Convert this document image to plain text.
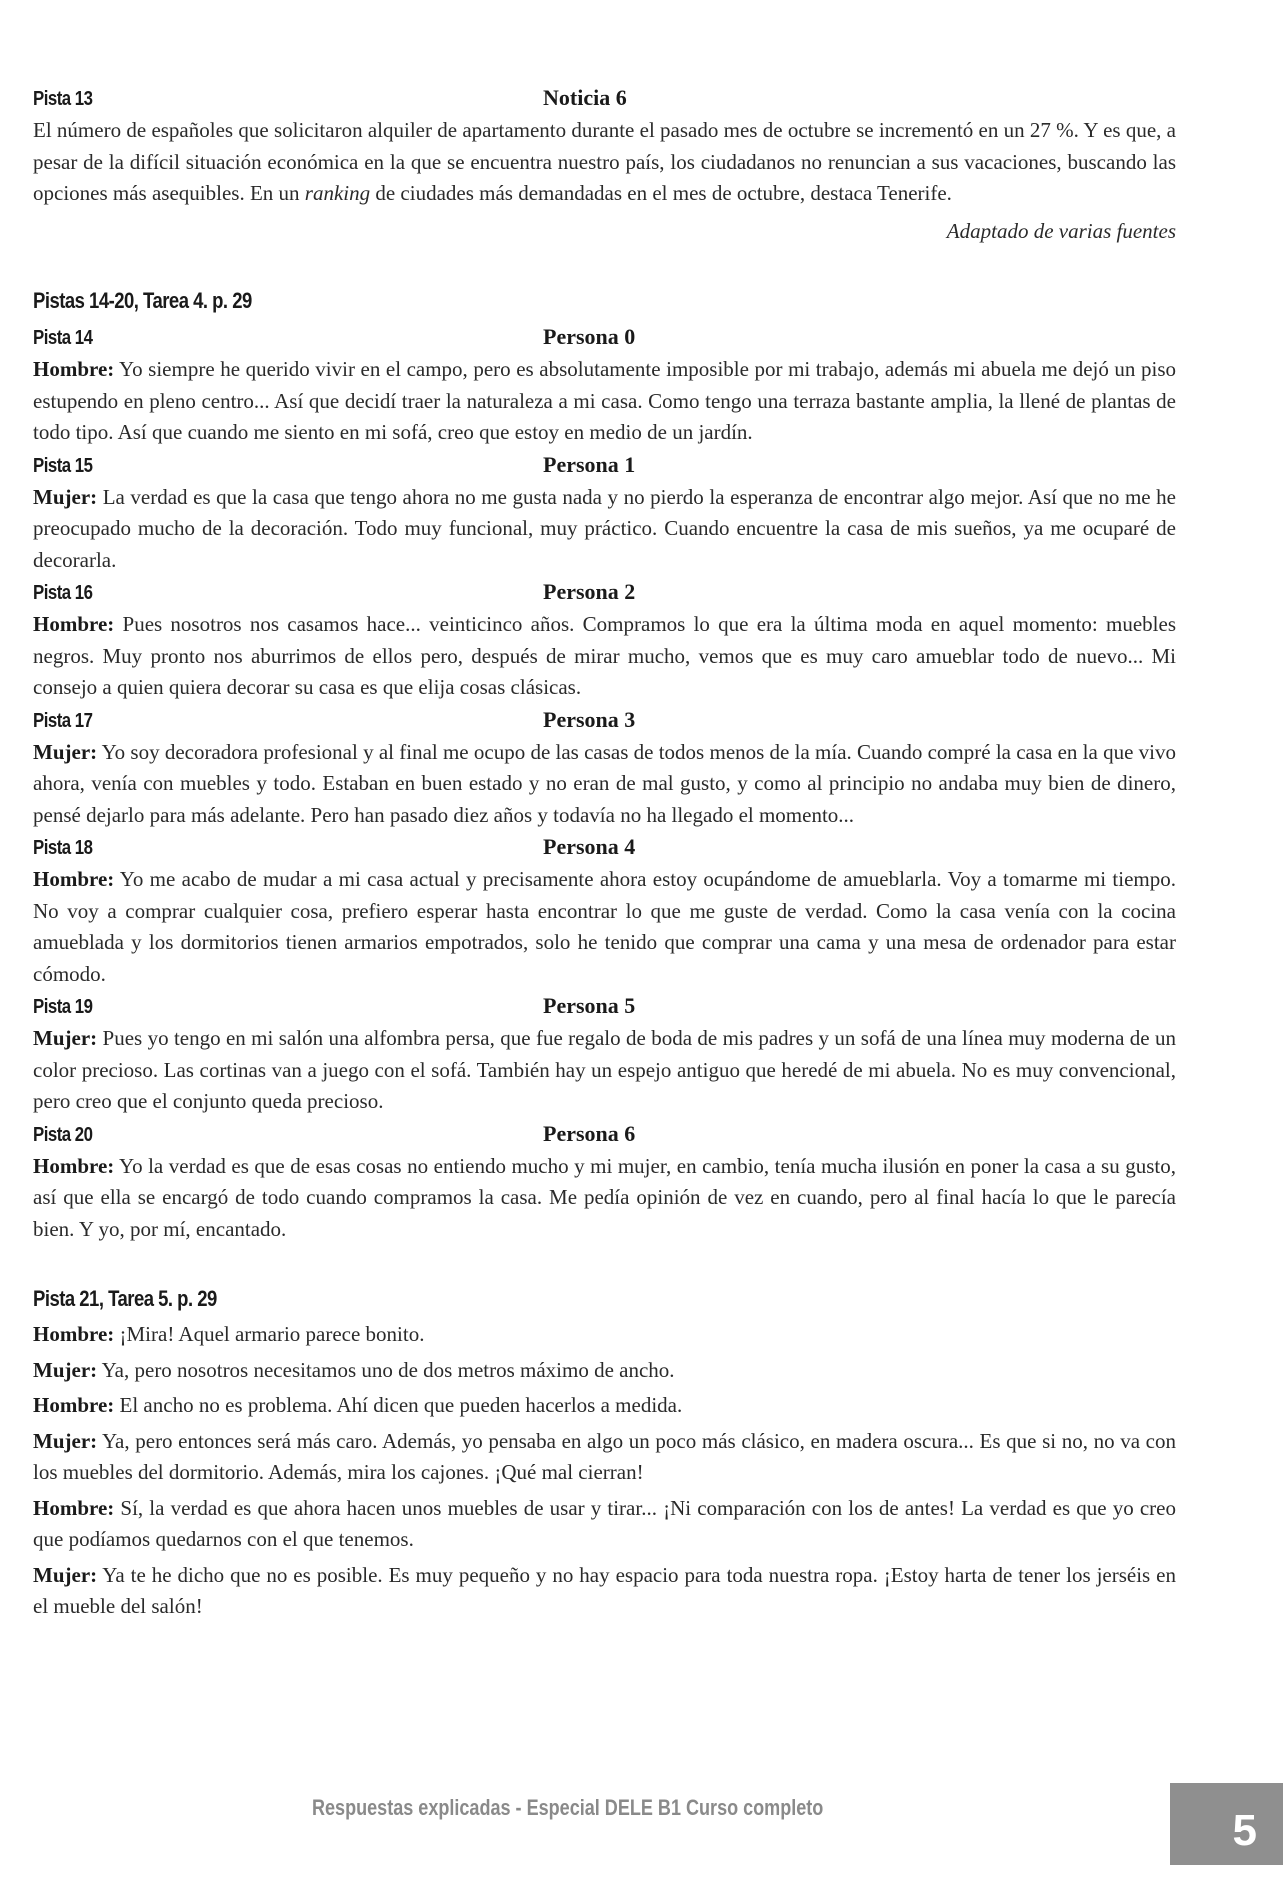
Pista 13	Noticia 6

El número de españoles que solicitaron alquiler de apartamento durante el pasado mes de octubre se incrementó en un 27 %. Y es que, a pesar de la difícil situación económica en la que se encuentra nuestro país, los ciudadanos no renuncian a sus vacaciones, buscando las opciones más asequibles. En un ranking de ciudades más demandadas en el mes de octubre, destaca Tenerife.

Adaptado de varias fuentes
Pistas 14-20, Tarea 4. p. 29
Pista 14	Persona 0

Hombre: Yo siempre he querido vivir en el campo, pero es absolutamente imposible por mi trabajo, además mi abuela me dejó un piso estupendo en pleno centro... Así que decidí traer la naturaleza a mi casa. Como tengo una terraza bastante amplia, la llené de plantas de todo tipo. Así que cuando me siento en mi sofá, creo que estoy en medio de un jardín.

Pista 15	Persona 1

Mujer: La verdad es que la casa que tengo ahora no me gusta nada y no pierdo la esperanza de encontrar algo mejor. Así que no me he preocupado mucho de la decoración. Todo muy funcional, muy práctico. Cuando encuentre la casa de mis sueños, ya me ocuparé de decorarla.

Pista 16	Persona 2

Hombre: Pues nosotros nos casamos hace... veinticinco años. Compramos lo que era la última moda en aquel momento: muebles negros. Muy pronto nos aburrimos de ellos pero, después de mirar mucho, vemos que es muy caro amueblar todo de nuevo... Mi consejo a quien quiera decorar su casa es que elija cosas clásicas.

Pista 17	Persona 3

Mujer: Yo soy decoradora profesional y al final me ocupo de las casas de todos menos de la mía. Cuando compré la casa en la que vivo ahora, venía con muebles y todo. Estaban en buen estado y no eran de mal gusto, y como al principio no andaba muy bien de dinero, pensé dejarlo para más adelante. Pero han pasado diez años y todavía no ha llegado el momento...

Pista 18	Persona 4

Hombre: Yo me acabo de mudar a mi casa actual y precisamente ahora estoy ocupándome de amueblarla. Voy a tomarme mi tiempo. No voy a comprar cualquier cosa, prefiero esperar hasta encontrar lo que me guste de verdad. Como la casa venía con la cocina amueblada y los dormitorios tienen armarios empotrados, solo he tenido que comprar una cama y una mesa de ordenador para estar cómodo.

Pista 19	Persona 5

Mujer: Pues yo tengo en mi salón una alfombra persa, que fue regalo de boda de mis padres y un sofá de una línea muy moderna de un color precioso. Las cortinas van a juego con el sofá. También hay un espejo antiguo que heredé de mi abuela. No es muy convencional, pero creo que el conjunto queda precioso.

Pista 20	Persona 6

Hombre: Yo la verdad es que de esas cosas no entiendo mucho y mi mujer, en cambio, tenía mucha ilusión en poner la casa a su gusto, así que ella se encargó de todo cuando compramos la casa. Me pedía opinión de vez en cuando, pero al final hacía lo que le parecía bien. Y yo, por mí, encantado.

Pista 21, Tarea 5. p. 29

Hombre: ¡Mira! Aquel armario parece bonito.

Mujer: Ya, pero nosotros necesitamos uno de dos metros máximo de ancho.

Hombre: El ancho no es problema. Ahí dicen que pueden hacerlos a medida.

Mujer: Ya, pero entonces será más caro. Además, yo pensaba en algo un poco más clásico, en madera oscura... Es que si no, no va con los muebles del dormitorio. Además, mira los cajones. ¡Qué mal cierran!

Hombre: Sí, la verdad es que ahora hacen unos muebles de usar y tirar... ¡Ni comparación con los de antes! La verdad es que yo creo que podíamos quedarnos con el que tenemos.

Mujer: Ya te he dicho que no es posible. Es muy pequeño y no hay espacio para toda nuestra ropa. ¡Estoy harta de tener los jerséis en el mueble del salón!

Respuestas explicadas - Especial DELE B1 Curso completo	5
